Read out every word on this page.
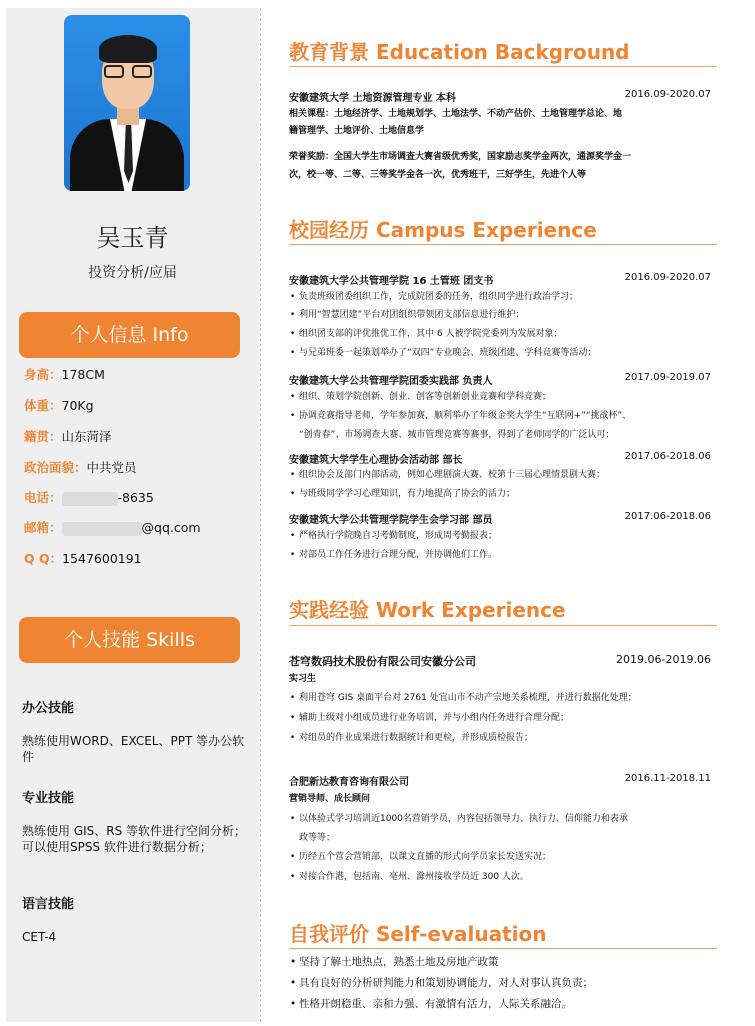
吴玉青
投资分析/应届
个人信息 Info
身高：178CM
体重：70Kg
籍贯：山东菏泽
政治面貌：中共党员
电话：	-8635
邮箱：	@qq.com
Q Q：1547600191
个人技能 Skills
办公技能
熟练使用WORD、EXCEL、PPT 等办公软件
专业技能
熟练使用 GIS、RS 等软件进行空间分析；
可以使用SPSS 软件进行数据分析；
语言技能
CET-4
教育背景 Education Background
安徽建筑大学 土地资源管理专业 本科	2016.09-2020.07
相关课程：土地经济学、土地规划学、土地法学、不动产估价、土地管理学总论、地
籍管理学、土地评价、土地信息学
荣誉奖励：全国大学生市场调查大赛省级优秀奖，国家励志奖学金两次，通源奖学金一
次，校一等、二等、三等奖学金各一次，优秀班干，三好学生，先进个人等
校园经历 Campus Experience
安徽建筑大学公共管理学院 16 土管班 团支书	2016.09-2020.07
• 负责班级团委组织工作，完成院团委的任务，组织同学进行政治学习；
• 利用“智慧团建”平台对团组织带领团支部信息进行维护；
• 组织团支部的评优推优工作，其中 6 人被学院党委列为发展对象；
• 与兄弟班委一起策划举办了“双四”专业晚会、班级团建、学科竞赛等活动；
安徽建筑大学公共管理学院团委实践部 负责人	2017.09-2019.07
• 组织、策划学院创新、创业、创客等创新创业竞赛和学科竞赛；
• 协调竞赛指导老师，学年参加赛，顺利举办了年级金奖大学生“互联网+”“挑战杯”、
“创青春”、市场调查大赛、城市管理竞赛等赛事，得到了老师同学的广泛认可；
安徽建筑大学学生心理协会活动部 部长	2017.06-2018.06
• 组织协会及部门内部活动，例如心理剧演大赛、校第十三届心理情景剧大赛；
• 与班级同学学习心理知识，有力地提高了协会的活力；
安徽建筑大学公共管理学院学生会学习部 部员	2017.06-2018.06
• 严格执行学院晚自习考勤制度，形成周考勤报表；
• 对部员工作任务进行合理分配，并协调他们工作。
实践经验 Work Experience
苍穹数码技术股份有限公司安徽分公司	2019.06-2019.06
实习生
• 利用苍穹 GIS 桌面平台对 2761 处宜山市不动产宗地关系梳理，并进行数据化处理；
• 辅助上级对小组成员进行业务培训，并与小组内任务进行合理分配；
• 对组员的作业成果进行数据统计和更检，并形成质检报告；
合肥新达教育咨询有限公司	2016.11-2018.11
营销导师、成长顾问
• 以体验式学习培训近1000名营销学员，内容包括领导力、执行力、信仰能力和表承
政等等；
• 历经五个营会营销部，以课文直播的形式向学员家长发送实况；
• 对接合作港，包括南、亳州、滁州接收学员近 300 人次。
自我评价 Self-evaluation
• 坚持了解土地热点，熟悉土地及房地产政策
• 具有良好的分析研判能力和策划协调能力，对人对事认真负责；
• 性格开朗稳重、亲和力强、有激情有活力，人际关系融洽。
